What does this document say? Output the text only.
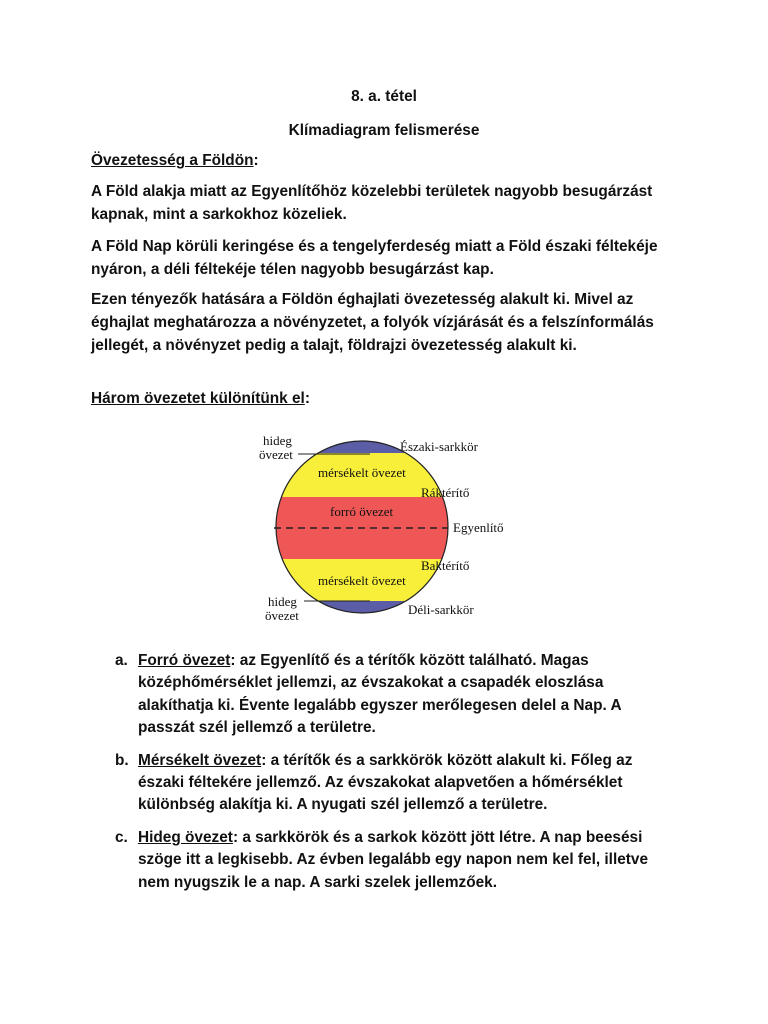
8. a. tétel
Klímadiagram felismerése

Övezetesség a Földön:

A Föld alakja miatt az Egyenlítőhöz közelebbi területek nagyobb besugárzást kapnak, mint a sarkokhoz közeliek.

A Föld Nap körüli keringése és a tengelyferdeség miatt a Föld északi féltekéje nyáron, a déli féltekéje télen nagyobb besugárzást kap.

Ezen tényezők hatására a Földön éghajlati övezetesség alakult ki. Mivel az éghajlat meghatározza a növényzetet, a folyók vízjárását és a felszínformálás jellegét, a növényzet pedig a talajt, földrajzi övezetesség alakult ki.

Három övezetet különítünk el:

mérsékelt övezet
forró övezet
mérsékelt övezet
hideg
övezet
hideg
övezet
Északi-sarkkör
Ráktérítő
Egyenlítő
Baktérítő
Déli-sarkkör
a. Forró övezet: az Egyenlítő és a térítők között található. Magas középhőmérséklet jellemzi, az évszakokat a csapadék eloszlása alakíthatja ki. Évente legalább egyszer merőlegesen delel a Nap. A passzát szél jellemző a területre.
b. Mérsékelt övezet: a térítők és a sarkkörök között alakult ki. Főleg az északi féltekére jellemző. Az évszakokat alapvetően a hőmérséklet különbség alakítja ki. A nyugati szél jellemző a területre.
c. Hideg övezet: a sarkkörök és a sarkok között jött létre. A nap beesési szöge itt a legkisebb. Az évben legalább egy napon nem kel fel, illetve nem nyugszik le a nap. A sarki szelek jellemzőek.
